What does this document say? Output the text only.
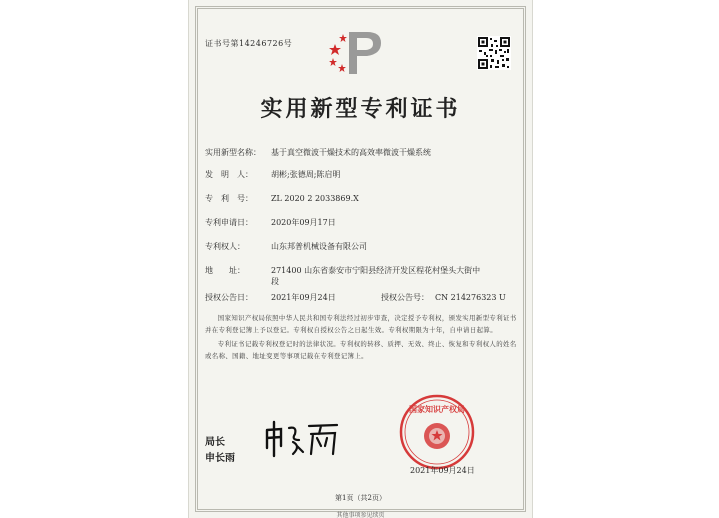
证书号第14246726号
实用新型专利证书
实用新型名称： 基于真空微波干燥技术的高效率微波干燥系统
发　明　人： 胡彬;张德周;陈启明
专　利　号： ZL 2020 2 2033869.X
专利申请日： 2020年09月17日
专利权人：	山东邦普机械设备有限公司
地　　址：	271400 山东省泰安市宁阳县经济开发区程花村堡头大街中段
授权公告日： 2021年09月24日	授权公告号： CN 214276323 U
国家知识产权局依照中华人民共和国专利法经过初步审查，决定授予专利权，颁发实用新型专利证书并在专利登记簿上予以登记。专利权自授权公告之日起生效。专利权期限为十年，自申请日起算。
专利证书记载专利权登记时的法律状况。专利权的转移、质押、无效、终止、恢复和专利权人的姓名或名称、国籍、地址变更等事项记载在专利登记簿上。
局长
申长雨
国家知识产权局
2021年09月24日
第1页（共2页）
其他事项参见续页
